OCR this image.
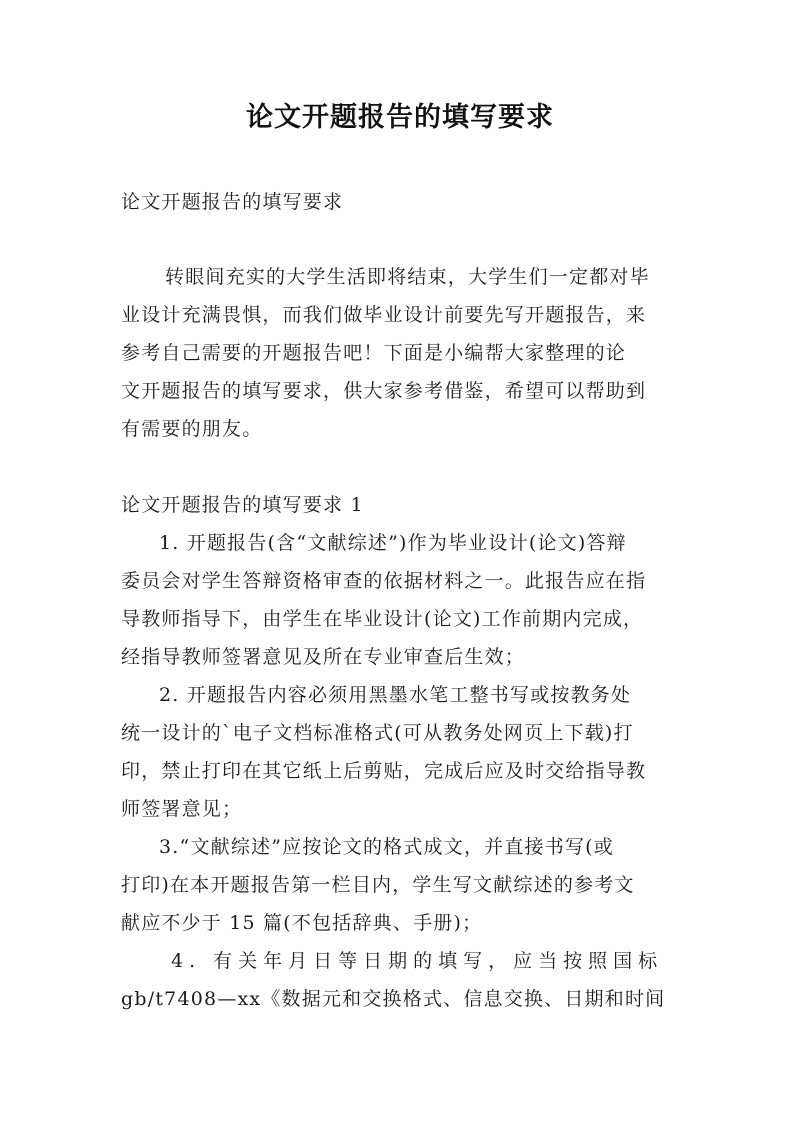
论文开题报告的填写要求
论文开题报告的填写要求
转眼间充实的大学生活即将结束，大学生们一定都对毕
业设计充满畏惧，而我们做毕业设计前要先写开题报告，来
参考自己需要的开题报告吧！下面是小编帮大家整理的论
文开题报告的填写要求，供大家参考借鉴，希望可以帮助到
有需要的朋友。
论文开题报告的填写要求 1
1. 开题报告(含“文献综述”)作为毕业设计(论文)答辩
委员会对学生答辩资格审查的依据材料之一。此报告应在指
导教师指导下，由学生在毕业设计(论文)工作前期内完成，
经指导教师签署意见及所在专业审查后生效；
2. 开题报告内容必须用黑墨水笔工整书写或按教务处
统一设计的`电子文档标准格式(可从教务处网页上下载)打
印，禁止打印在其它纸上后剪贴，完成后应及时交给指导教
师签署意见；
3.“文献综述”应按论文的格式成文，并直接书写(或
打印)在本开题报告第一栏目内，学生写文献综述的参考文
献应不少于 15 篇(不包括辞典、手册)；
4. 有关年月日等日期的填写，应当按照国标
gb/t7408—xx《数据元和交换格式、信息交换、日期和时间
